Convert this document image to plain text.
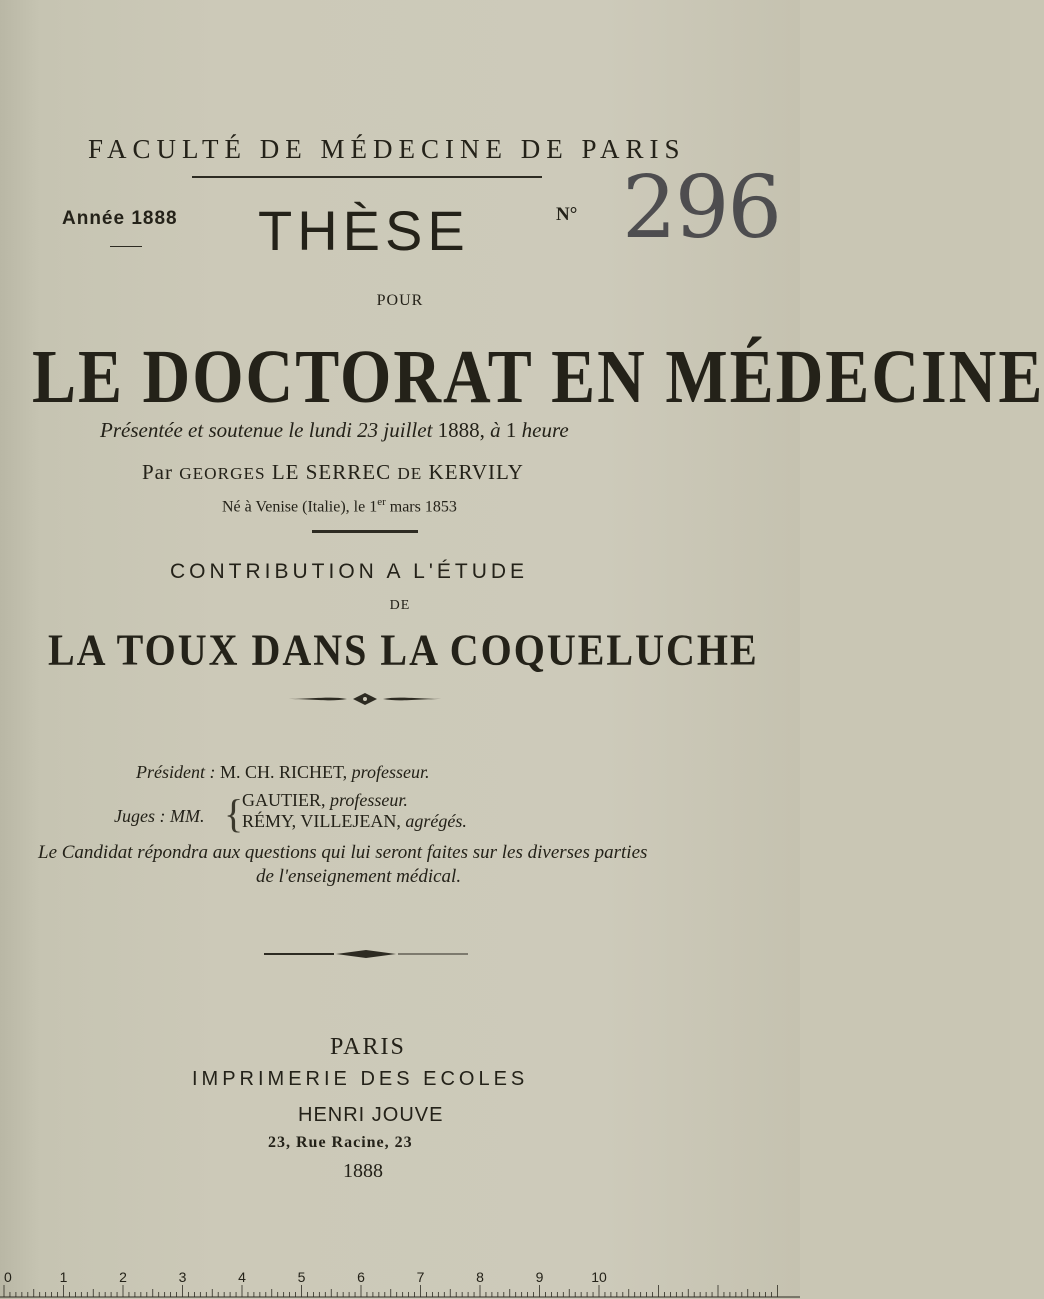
FACULTÉ DE MÉDECINE DE PARIS
Année 1888 THÈSE	N° 296
POUR
LE DOCTORAT EN MÉDECINE
Présentée et soutenue le lundi 23 juillet 1888, à 1 heure
Par GEORGES LE SERREC DE KERVILY
Né à Venise (Italie), le 1er mars 1853
CONTRIBUTION A L'ÉTUDE
DE
LA TOUX DANS LA COQUELUCHE
Président : M. CH. RICHET, professeur.
Juges : MM. {
GAUTIER, professeur.
RÉMY, VILLEJEAN, agrégés.
Le Candidat répondra aux questions qui lui seront faites sur les diverses parties
de l'enseignement médical.
PARIS
IMPRIMERIE DES ECOLES
HENRI JOUVE
23, Rue Racine, 23
1888
0	1	2	3	4	5	6	7	8	9	10
